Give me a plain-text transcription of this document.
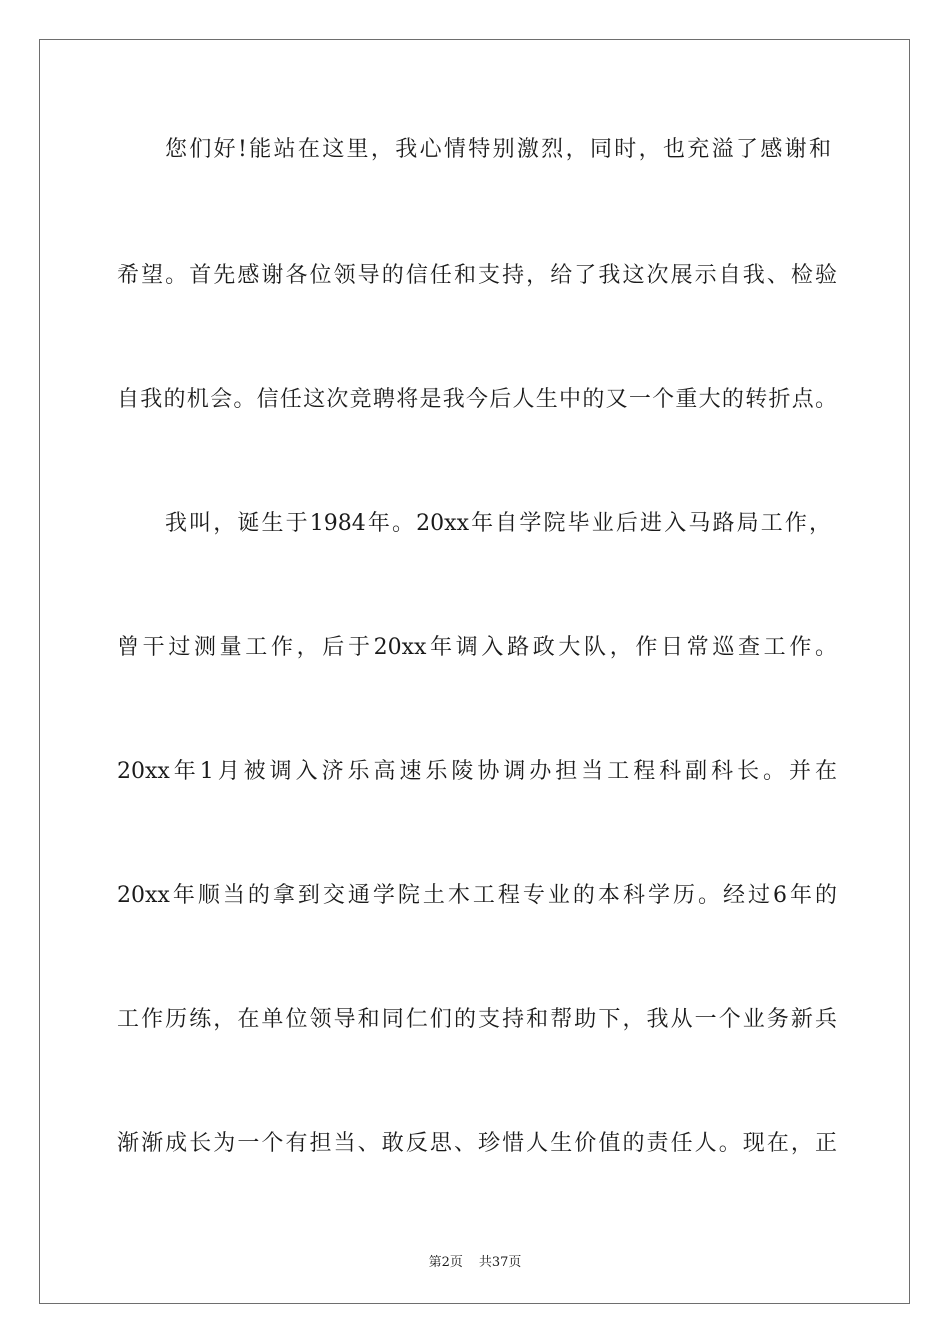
您们好!能站在这里，我心情特别激烈，同时，也充溢了感谢和
希望。首先感谢各位领导的信任和支持，给了我这次展示自我、检验
自我的机会。信任这次竞聘将是我今后人生中的又一个重大的转折点。
我叫，诞生于1984年。20xx年自学院毕业后进入马路局工作，
曾干过测量工作，后于20xx年调入路政大队，作日常巡查工作。
20xx年1月被调入济乐高速乐陵协调办担当工程科副科长。并在
20xx年顺当的拿到交通学院土木工程专业的本科学历。经过6年的
工作历练，在单位领导和同仁们的支持和帮助下，我从一个业务新兵
渐渐成长为一个有担当、敢反思、珍惜人生价值的责任人。现在，正
第2页 共37页
